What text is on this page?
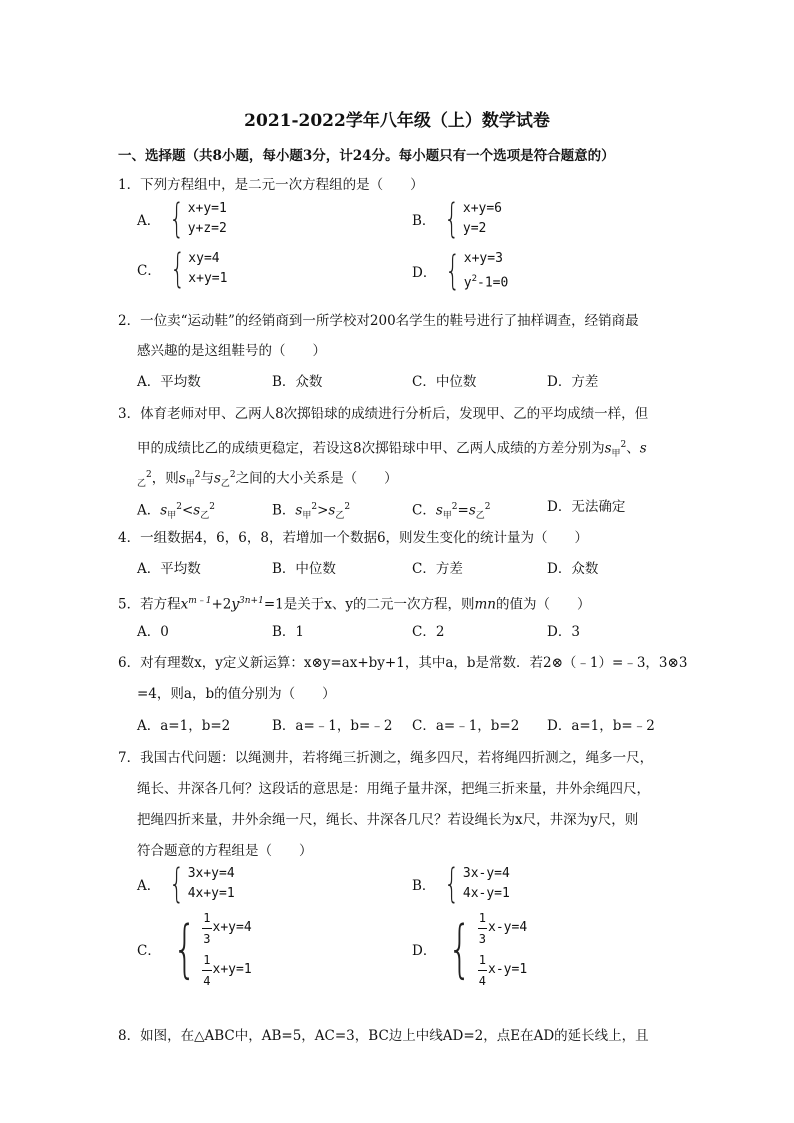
2021-2022学年八年级（上）数学试卷
一、选择题（共8小题，每小题3分，计24分。每小题只有一个选项是符合题意的）
1．下列方程组中，是二元一次方程组的是（　　）
A． { x+y=1
y+z=2	B． { x+y=6
y=2
C． { xy=4
x+y=1	D． { x+y=3
$y^2-1=0$
2．一位卖“运动鞋”的经销商到一所学校对200名学生的鞋号进行了抽样调查，经销商最
感兴趣的是这组鞋号的（　　）
A．平均数	B．众数	C．中位数	D．方差
3．体育老师对甲、乙两人8次掷铅球的成绩进行分析后，发现甲、乙的平均成绩一样，但
甲的成绩比乙的成绩更稳定，若设这8次掷铅球中甲、乙两人成绩的方差分别为$s_甲^2$、s
$_乙^2$，则$s_甲^2$与$s_乙^2$之间的大小关系是（　　）
A．$s_甲^2<s_乙^2$	B．$s_甲^2>s_乙^2$	C．$s_甲^2=s_乙^2$	D．无法确定
4．一组数据4，6，6，8，若增加一个数据6，则发生变化的统计量为（　　）
A．平均数	B．中位数	C．方差	D．众数
5．若方程$x^{m﹣1}+2y^{3n+1}=1$是关于x、y的二元一次方程，则mn的值为（　　）
A．0	B．1	C．2	D．3
6．对有理数x，y定义新运算：x⊗y=ax+by+1，其中a，b是常数．若2⊗（﹣1）=﹣3，3⊗3
=4，则a，b的值分别为（　　）
A．a=1，b=2	B．a=﹣1，b=﹣2 C．a=﹣1，b=2 D．a=1，b=﹣2
7．我国古代问题：以绳测井，若将绳三折测之，绳多四尺，若将绳四折测之，绳多一尺，
绳长、井深各几何？这段话的意思是：用绳子量井深，把绳三折来量，井外余绳四尺，
把绳四折来量，井外余绳一尺，绳长、井深各几尺？若设绳长为x尺，井深为y尺，则
符合题意的方程组是（　　）
A． { 3x+y=4
4x+y=1	B． { 3x-y=4
4x-y=1
C． { $\frac{1}{3} x+y=4$
$\frac{1}{4} x+y=1$
D． { $\frac{1}{3} x-y=4$
$\frac{1}{4} x-y=1$
8．如图，在△ABC中，AB=5，AC=3，BC边上中线AD=2，点E在AD的延长线上，且
